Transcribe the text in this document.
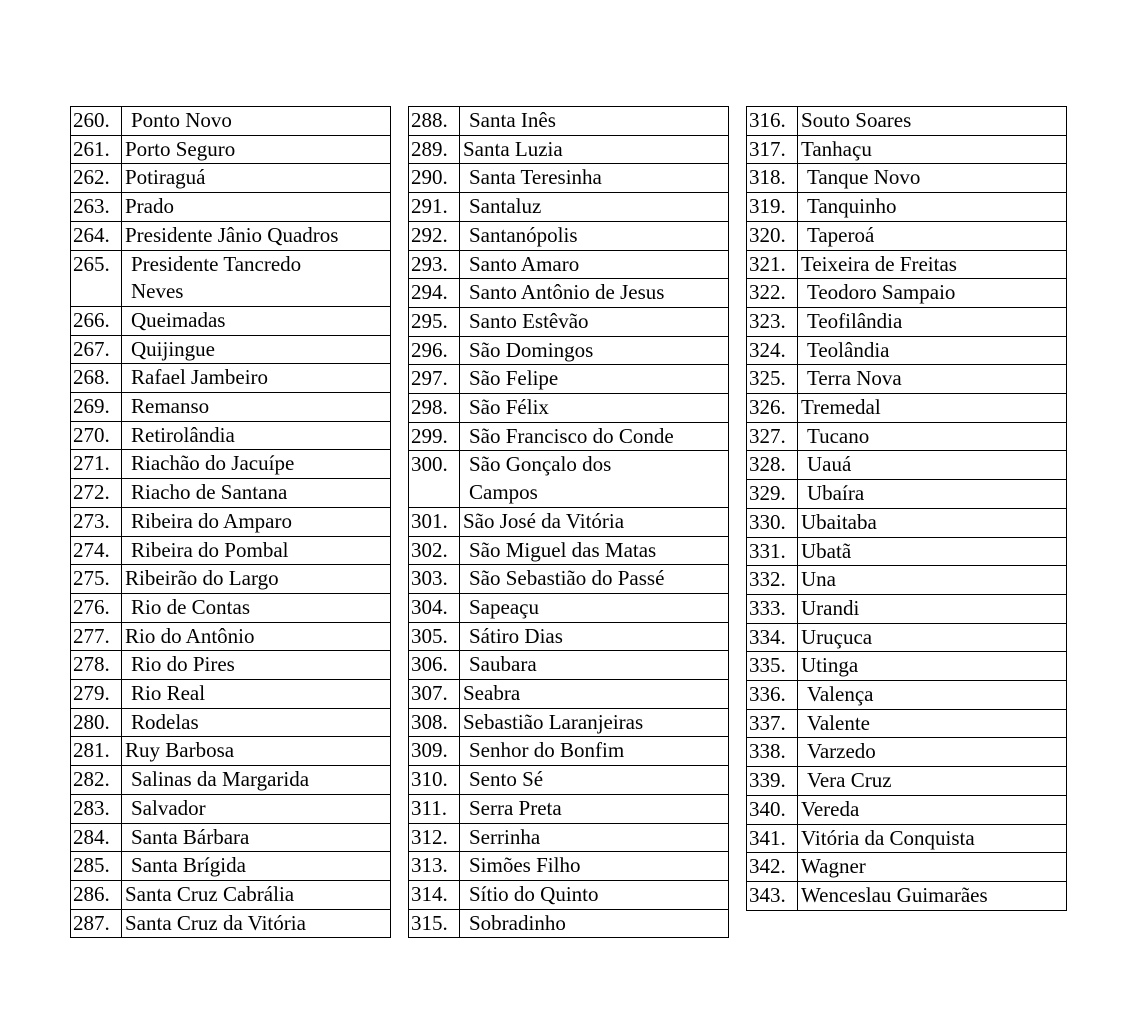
260.	Ponto Novo
261.	Porto Seguro
262.	Potiraguá
263.	Prado
264.	Presidente Jânio Quadros
265.	Presidente Tancredo
Neves

266.	Queimadas
267.	Quijingue
268.	Rafael Jambeiro
269.	Remanso
270.	Retirolândia
271.	Riachão do Jacuípe
272.	Riacho de Santana
273.	Ribeira do Amparo
274.	Ribeira do Pombal
275.	Ribeirão do Largo
276.	Rio de Contas
277.	Rio do Antônio
278.	Rio do Pires
279.	Rio Real
280.	Rodelas
281.	Ruy Barbosa
282.	Salinas da Margarida
283.	Salvador
284.	Santa Bárbara
285.	Santa Brígida
286.	Santa Cruz Cabrália
287.	Santa Cruz da Vitória
288.	Santa Inês
289.	Santa Luzia
290.	Santa Teresinha
291.	Santaluz
292.	Santanópolis
293.	Santo Amaro
294.	Santo Antônio de Jesus
295.	Santo Estêvão
296.	São Domingos
297.	São Felipe
298.	São Félix
299.	São Francisco do Conde
300.	São Gonçalo dos
Campos

301.	São José da Vitória
302.	São Miguel das Matas
303.	São Sebastião do Passé
304.	Sapeaçu
305.	Sátiro Dias
306.	Saubara
307.	Seabra
308.	Sebastião Laranjeiras
309.	Senhor do Bonfim
310.	Sento Sé
311.	Serra Preta
312.	Serrinha
313.	Simões Filho
314.	Sítio do Quinto
315.	Sobradinho
316.	Souto Soares
317.	Tanhaçu
318.	Tanque Novo
319.	Tanquinho
320.	Taperoá
321.	Teixeira de Freitas
322.	Teodoro Sampaio
323.	Teofilândia
324.	Teolândia
325.	Terra Nova
326.	Tremedal
327.	Tucano
328.	Uauá
329.	Ubaíra
330.	Ubaitaba
331.	Ubatã
332.	Una
333.	Urandi
334.	Uruçuca
335.	Utinga
336.	Valença
337.	Valente
338.	Varzedo
339.	Vera Cruz
340.	Vereda
341.	Vitória da Conquista
342.	Wagner
343.	Wenceslau Guimarães
